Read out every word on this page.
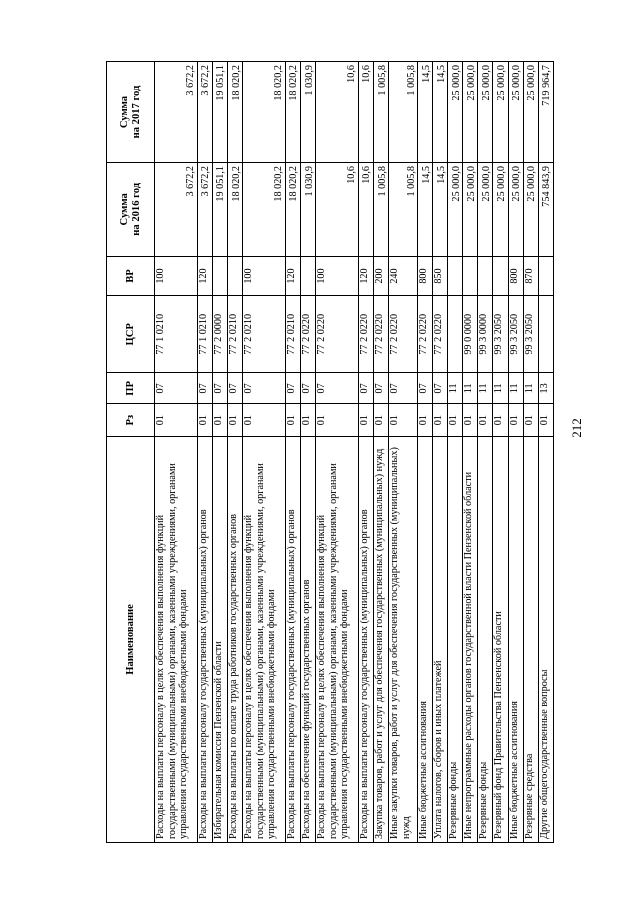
212
Наименование	Рз	ПР	ЦСР	ВР	Сумма на 2016 год	Сумма на 2017 год

Расходы на выплаты персоналу в целях обеспечения выполнения функций государственными (муниципальными) органами, казенными учреждениями, органами управления государственными внебюджетными фондами	01	07	77 1 0210	100	3 672,2	3 672,2
Расходы на выплаты персоналу государственных (муниципальных) органов	01	07	77 1 0210	120	3 672,2	3 672,2
Избирательная комиссия Пензенской области	01	07	77 2 0000		19 051,1	19 051,1
Расходы на выплаты по оплате труда работников государственных органов	01	07	77 2 0210		18 020,2	18 020,2
Расходы на выплаты персоналу в целях обеспечения выполнения функций государственными (муниципальными) органами, казенными учреждениями, органами управления государственными внебюджетными фондами	01	07	77 2 0210	100	18 020,2	18 020,2
Расходы на выплаты персоналу государственных (муниципальных) органов	01	07	77 2 0210	120	18 020,2	18 020,2
Расходы на обеспечение функций государственных органов	01	07	77 2 0220		1 030,9	1 030,9
Расходы на выплаты персоналу в целях обеспечения выполнения функций государственными (муниципальными) органами, казенными учреждениями, органами управления государственными внебюджетными фондами	01	07	77 2 0220	100	10,6	10,6
Расходы на выплаты персоналу государственных (муниципальных) органов	01	07	77 2 0220	120	10,6	10,6
Закупка товаров, работ и услуг для обеспечения государственных (муниципальных) нужд	01	07	77 2 0220	200	1 005,8	1 005,8
Иные закупки товаров, работ и услуг для обеспечения государственных (муниципальных) нужд	01	07	77 2 0220	240	1 005,8	1 005,8
Иные бюджетные ассигнования	01	07	77 2 0220	800	14,5	14,5
Уплата налогов, сборов и иных платежей	01	07	77 2 0220	850	14,5	14,5
Резервные фонды	01	11			25 000,0	25 000,0
Иные непрограммные расходы органов государственной власти Пензенской области	01	11	99 0 0000		25 000,0	25 000,0
Резервные фонды	01	11	99 3 0000		25 000,0	25 000,0
Резервный фонд Правительства Пензенской области	01	11	99 3 2050		25 000,0	25 000,0
Иные бюджетные ассигнования	01	11	99 3 2050	800	25 000,0	25 000,0
Резервные средства	01	11	99 3 2050	870	25 000,0	25 000,0
Другие общегосударственные вопросы	01	13			754 843,9	719 964,7
